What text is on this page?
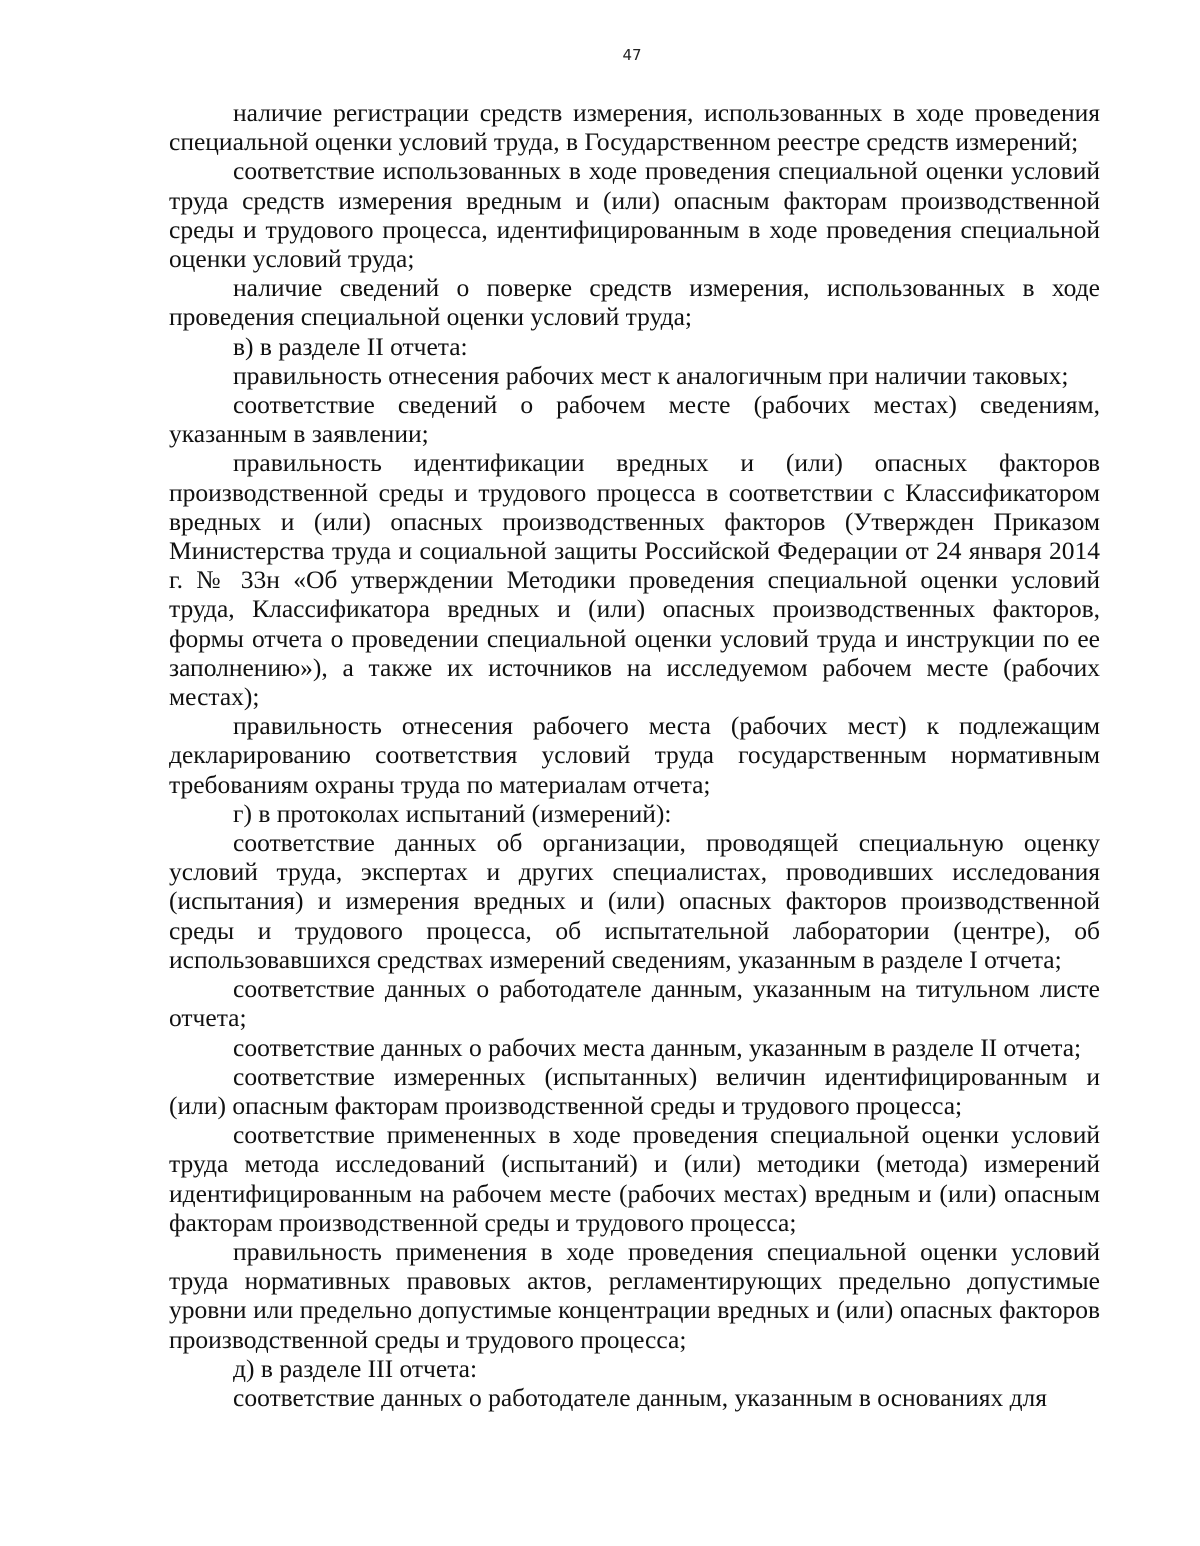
47

наличие регистрации средств измерения, использованных в ходе проведения специальной оценки условий труда, в Государственном реестре средств измерений;

соответствие использованных в ходе проведения специальной оценки условий труда средств измерения вредным и (или) опасным факторам производственной среды и трудового процесса, идентифицированным в ходе проведения специальной оценки условий труда;

наличие сведений о поверке средств измерения, использованных в ходе проведения специальной оценки условий труда;

в) в разделе II отчета:

правильность отнесения рабочих мест к аналогичным при наличии таковых;

соответствие сведений о рабочем месте (рабочих местах) сведениям, указанным в заявлении;

правильность идентификации вредных и (или) опасных факторов производственной среды и трудового процесса в соответствии с Классификатором вредных и (или) опасных производственных факторов (Утвержден Приказом Министерства труда и социальной защиты Российской Федерации от 24 января 2014 г. № 33н «Об утверждении Методики проведения специальной оценки условий труда, Классификатора вредных и (или) опасных производственных факторов, формы отчета о проведении специальной оценки условий труда и инструкции по ее заполнению»), а также их источников на исследуемом рабочем месте (рабочих местах);

правильность отнесения рабочего места (рабочих мест) к подлежащим декларированию соответствия условий труда государственным нормативным требованиям охраны труда по материалам отчета;

г) в протоколах испытаний (измерений):

соответствие данных об организации, проводящей специальную оценку условий труда, экспертах и других специалистах, проводивших исследования (испытания) и измерения вредных и (или) опасных факторов производственной среды и трудового процесса, об испытательной лаборатории (центре), об использовавшихся средствах измерений сведениям, указанным в разделе I отчета;

соответствие данных о работодателе данным, указанным на титульном листе отчета;

соответствие данных о рабочих места данным, указанным в разделе II отчета;

соответствие измеренных (испытанных) величин идентифицированным и (или) опасным факторам производственной среды и трудового процесса;

соответствие примененных в ходе проведения специальной оценки условий труда метода исследований (испытаний) и (или) методики (метода) измерений идентифицированным на рабочем месте (рабочих местах) вредным и (или) опасным факторам производственной среды и трудового процесса;

правильность применения в ходе проведения специальной оценки условий труда нормативных правовых актов, регламентирующих предельно допустимые уровни или предельно допустимые концентрации вредных и (или) опасных факторов производственной среды и трудового процесса;

д) в разделе III отчета:

соответствие данных о работодателе данным, указанным в основаниях для
